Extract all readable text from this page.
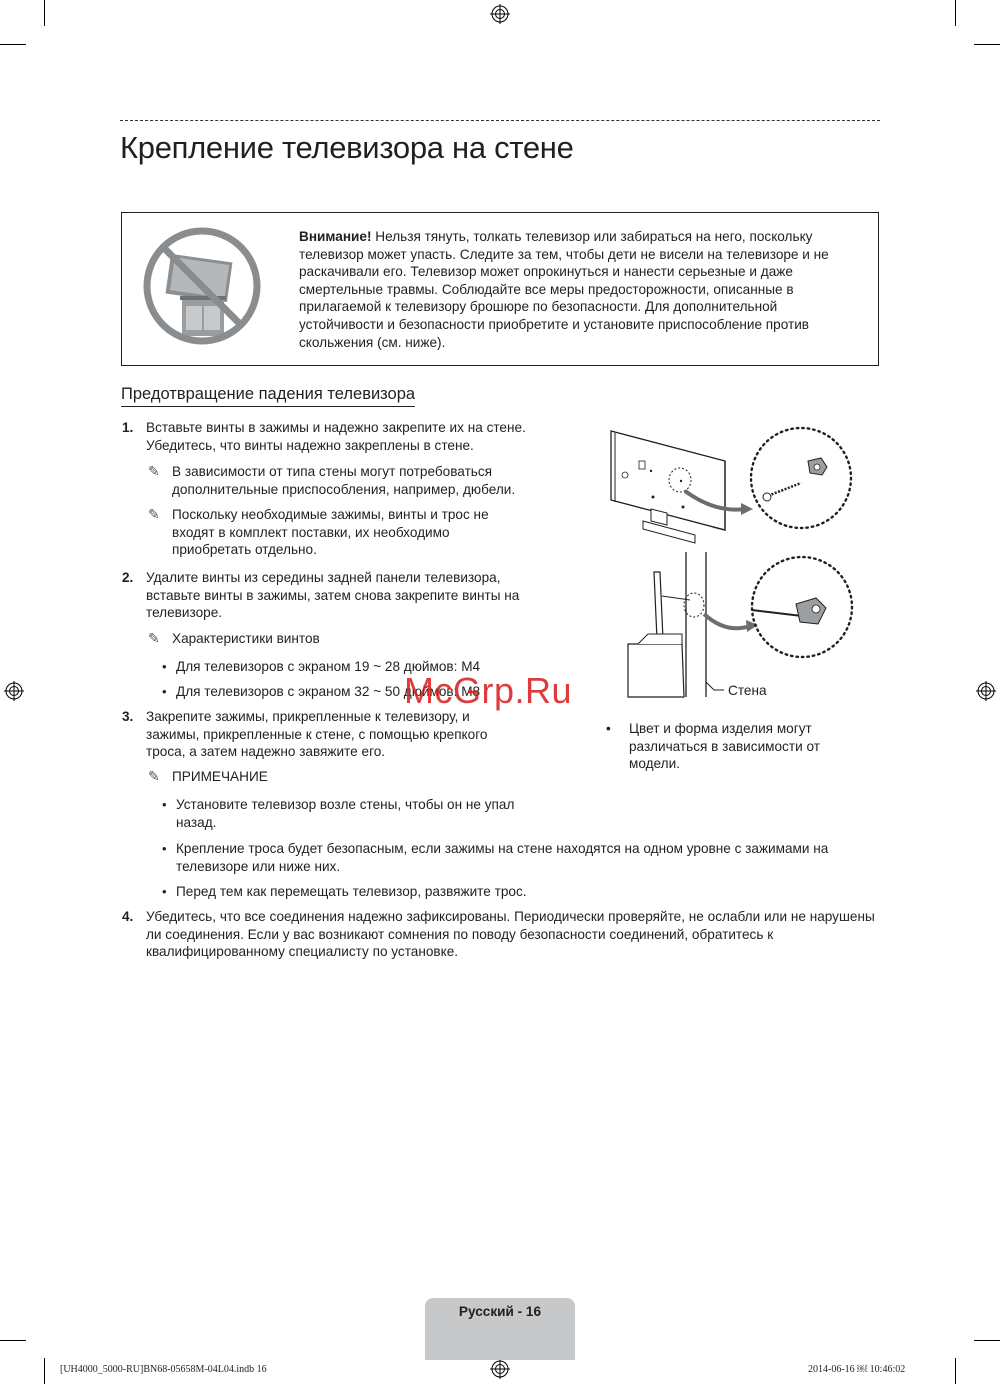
Крепление телевизора на стене
Внимание! Нельзя тянуть, толкать телевизор или забираться на него, поскольку телевизор может упасть. Следите за тем, чтобы дети не висели на телевизоре и не раскачивали его. Телевизор может опрокинуться и нанести серьезные и даже смертельные травмы. Соблюдайте все меры предосторожности, описанные в прилагаемой к телевизору брошюре по безопасности. Для дополнительной устойчивости и безопасности приобретите и установите приспособление против скольжения (см. ниже).
Предотвращение падения телевизора
1. Вставьте винты в зажимы и надежно закрепите их на стене. Убедитесь, что винты надежно закреплены в стене.
✎ В зависимости от типа стены могут потребоваться дополнительные приспособления, например, дюбели.
✎ Поскольку необходимые зажимы, винты и трос не входят в комплект поставки, их необходимо приобретать отдельно.
2. Удалите винты из середины задней панели телевизора, вставьте винты в зажимы, затем снова закрепите винты на телевизоре.
✎ Характеристики винтов
• Для телевизоров с экраном 19 ~ 28 дюймов: M4
• Для телевизоров с экраном 32 ~ 50 дюймов: M8
3. Закрепите зажимы, прикрепленные к телевизору, и зажимы, прикрепленные к стене, с помощью крепкого троса, а затем надежно завяжите его.
✎ ПРИМЕЧАНИЕ
• Установите телевизор возле стены, чтобы он не упал назад.
• Крепление троса будет безопасным, если зажимы на стене находятся на одном уровне с зажимами на телевизоре или ниже них.
• Перед тем как перемещать телевизор, развяжите трос.
4. Убедитесь, что все соединения надежно зафиксированы. Периодически проверяйте, не ослабли или не нарушены ли соединения. Если у вас возникают сомнения по поводу безопасности соединений, обратитесь к квалифицированному специалисту по установке.
Стена
• Цвет и форма изделия могут различаться в зависимости от модели.
McGrp.Ru
Русский - 16
[UH4000_5000-RU]BN68-05658M-04L04.indb 16	2014-06-16 ￼ 10:46:02
